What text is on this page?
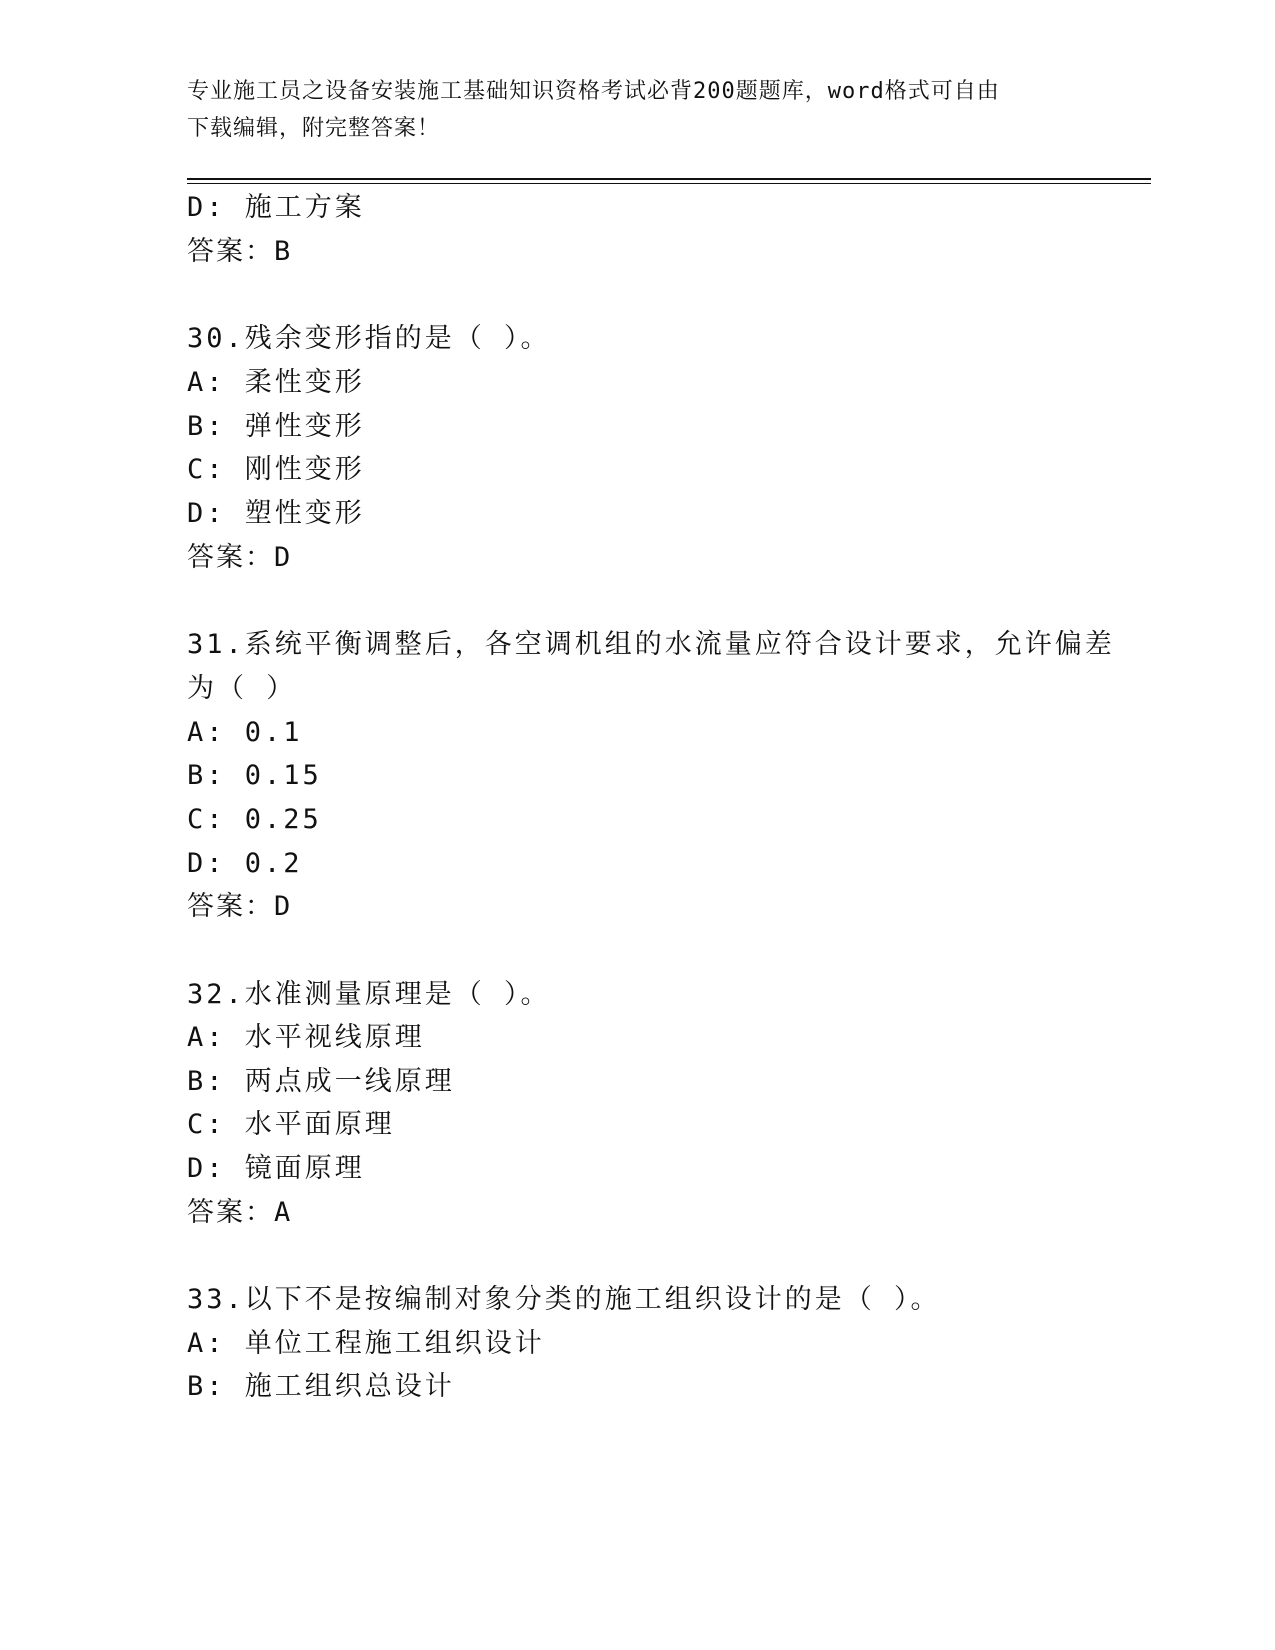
专业施工员之设备安装施工基础知识资格考试必背200题题库，word格式可自由
下载编辑，附完整答案！
D: 施工方案
答案：B
30.残余变形指的是（ ）。
A: 柔性变形
B: 弹性变形
C: 刚性变形
D: 塑性变形
答案：D
31.系统平衡调整后，各空调机组的水流量应符合设计要求，允许偏差
为（ ）
A: 0.1
B: 0.15
C: 0.25
D: 0.2
答案：D
32.水准测量原理是（ ）。
A: 水平视线原理
B: 两点成一线原理
C: 水平面原理
D: 镜面原理
答案：A
33.以下不是按编制对象分类的施工组织设计的是（ ）。
A: 单位工程施工组织设计
B: 施工组织总设计
